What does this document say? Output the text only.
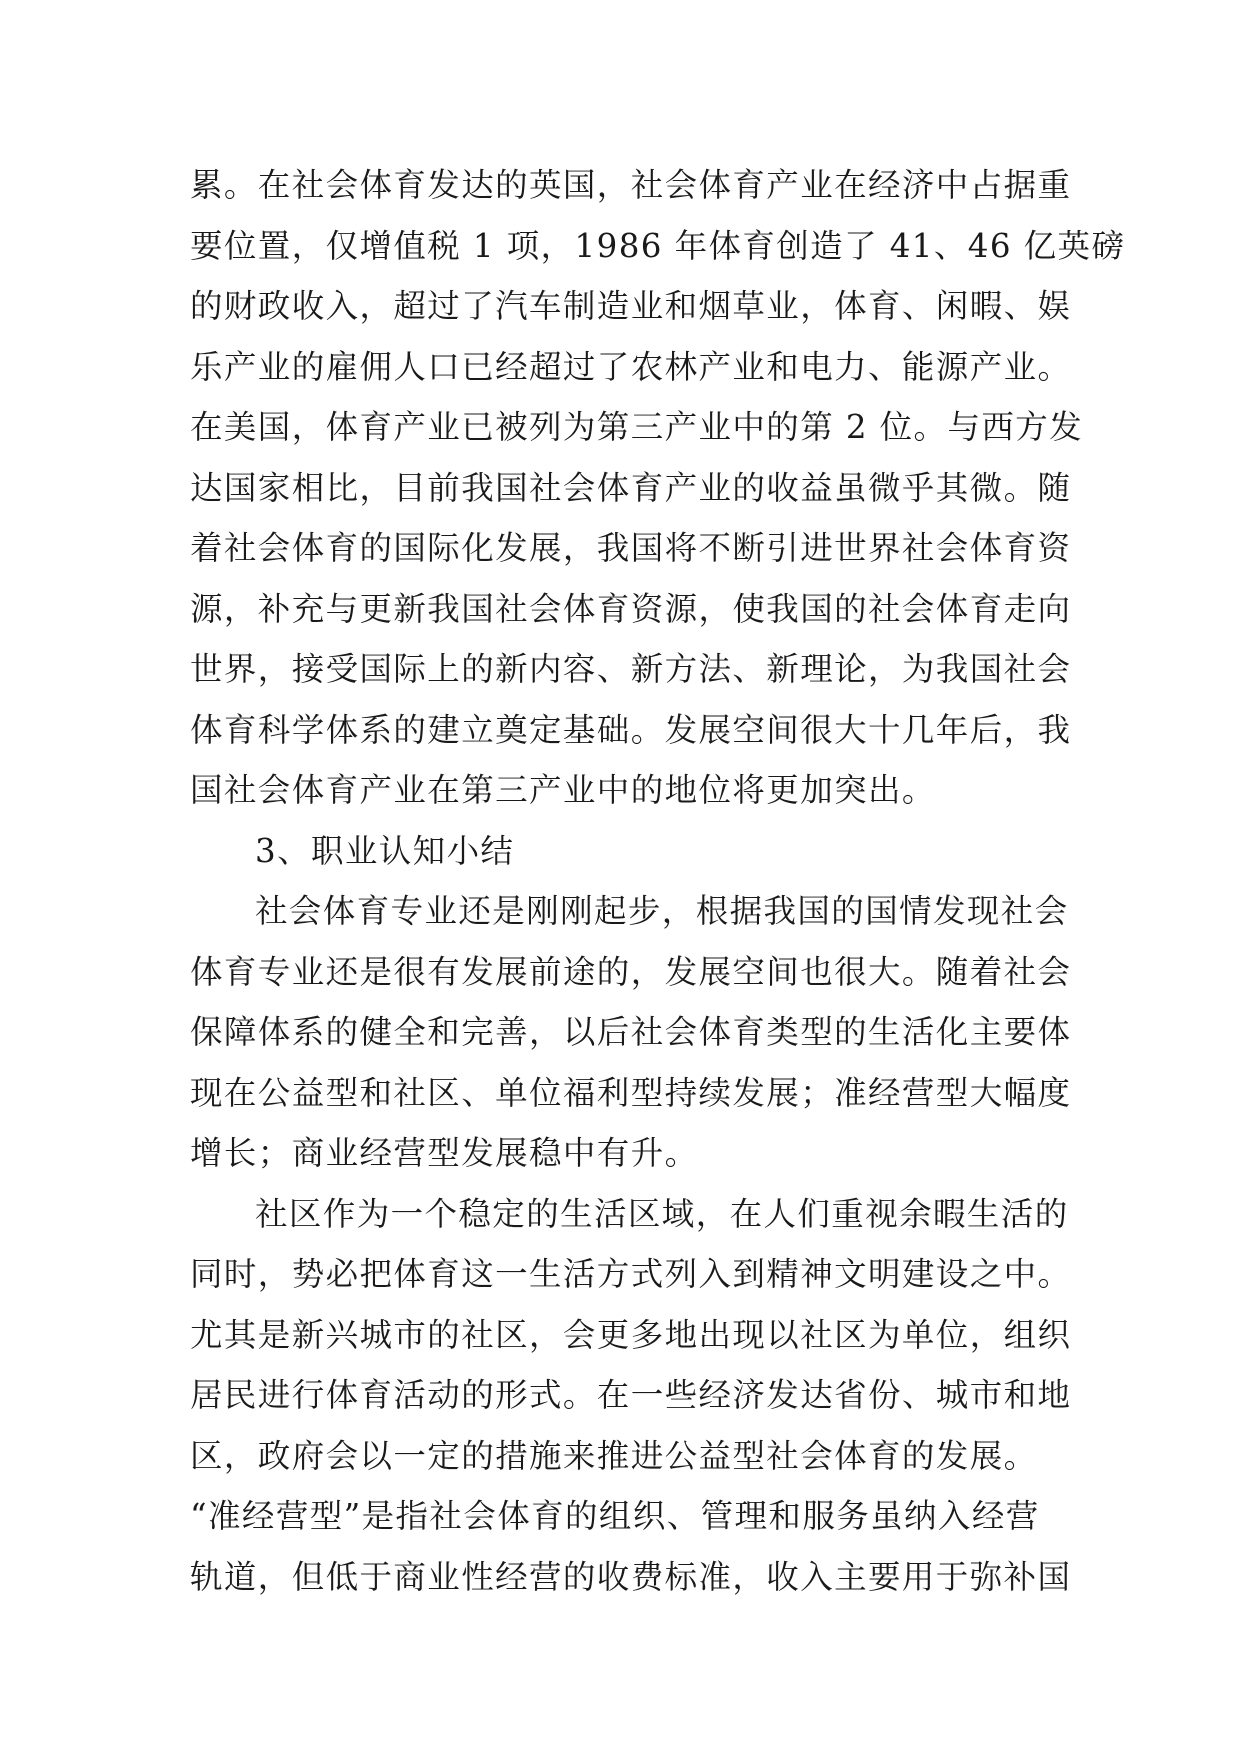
累。在社会体育发达的英国，社会体育产业在经济中占据重
要位置，仅增值税 1 项，1986 年体育创造了 41、46 亿英磅
的财政收入，超过了汽车制造业和烟草业，体育、闲暇、娱
乐产业的雇佣人口已经超过了农林产业和电力、能源产业。
在美国，体育产业已被列为第三产业中的第 2 位。与西方发
达国家相比，目前我国社会体育产业的收益虽微乎其微。随
着社会体育的国际化发展，我国将不断引进世界社会体育资
源，补充与更新我国社会体育资源，使我国的社会体育走向
世界，接受国际上的新内容、新方法、新理论，为我国社会
体育科学体系的建立奠定基础。发展空间很大十几年后，我
国社会体育产业在第三产业中的地位将更加突出。
3、职业认知小结
社会体育专业还是刚刚起步，根据我国的国情发现社会
体育专业还是很有发展前途的，发展空间也很大。随着社会
保障体系的健全和完善，以后社会体育类型的生活化主要体
现在公益型和社区、单位福利型持续发展；准经营型大幅度
增长；商业经营型发展稳中有升。
社区作为一个稳定的生活区域，在人们重视余暇生活的
同时，势必把体育这一生活方式列入到精神文明建设之中。
尤其是新兴城市的社区，会更多地出现以社区为单位，组织
居民进行体育活动的形式。在一些经济发达省份、城市和地
区，政府会以一定的措施来推进公益型社会体育的发展。
“准经营型”是指社会体育的组织、管理和服务虽纳入经营
轨道，但低于商业性经营的收费标准，收入主要用于弥补国
